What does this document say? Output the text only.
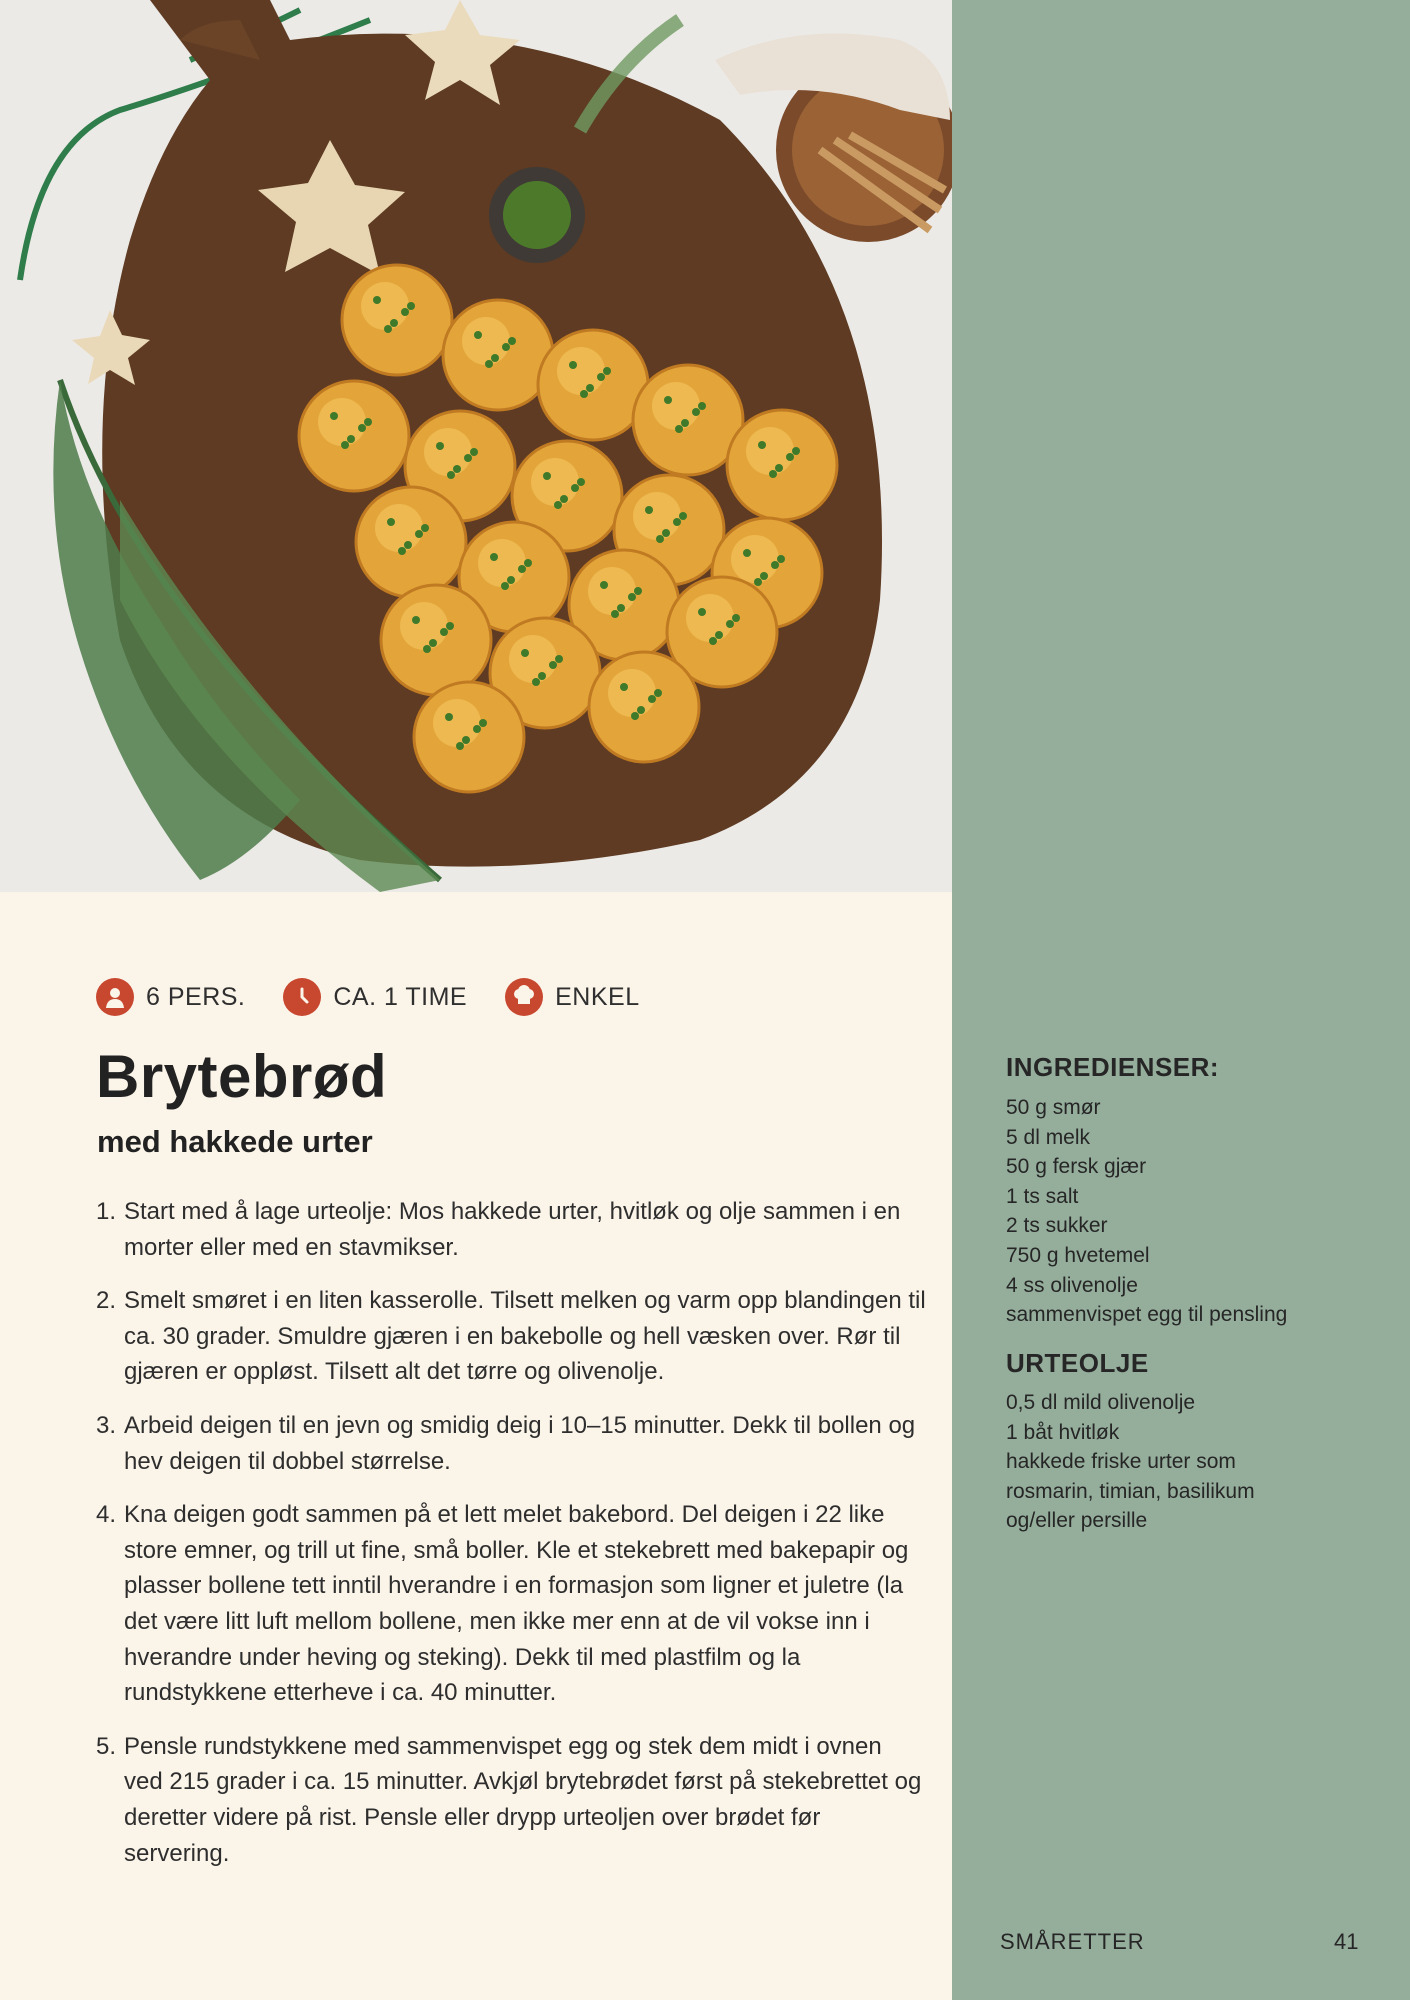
INGREDIENSER:
50 g smør
5 dl melk
50 g fersk gjær
1 ts salt
2 ts sukker
750 g hvetemel
4 ss olivenolje
sammenvispet egg til pensling
URTEOLJE
0,5 dl mild olivenolje
1 båt hvitløk
hakkede friske urter som
rosmarin, timian, basilikum
og/eller persille
SMÅRETTER	41
6 PERS.	CA. 1 TIME	ENKEL
Brytebrød
med hakkede urter
1. Start med å lage urteolje: Mos hakkede urter, hvitløk og olje sammen i en morter eller med en stavmikser.
2. Smelt smøret i en liten kasserolle. Tilsett melken og varm opp blandingen til ca. 30 grader. Smuldre gjæren i en bakebolle og hell væsken over. Rør til gjæren er oppløst. Tilsett alt det tørre og olivenolje.
3. Arbeid deigen til en jevn og smidig deig i 10–15 minutter. Dekk til bollen og hev deigen til dobbel størrelse.
4. Kna deigen godt sammen på et lett melet bakebord. Del deigen i 22 like store emner, og trill ut fine, små boller. Kle et stekebrett med bakepapir og plasser bollene tett inntil hverandre i en formasjon som ligner et juletre (la det være litt luft mellom bollene, men ikke mer enn at de vil vokse inn i hverandre under heving og steking). Dekk til med plastfilm og la rundstykkene etterheve i ca. 40 minutter.
5. Pensle rundstykkene med sammenvispet egg og stek dem midt i ovnen ved 215 grader i ca. 15 minutter. Avkjøl brytebrødet først på stekebrettet og deretter videre på rist. Pensle eller drypp urteoljen over brødet før servering.
